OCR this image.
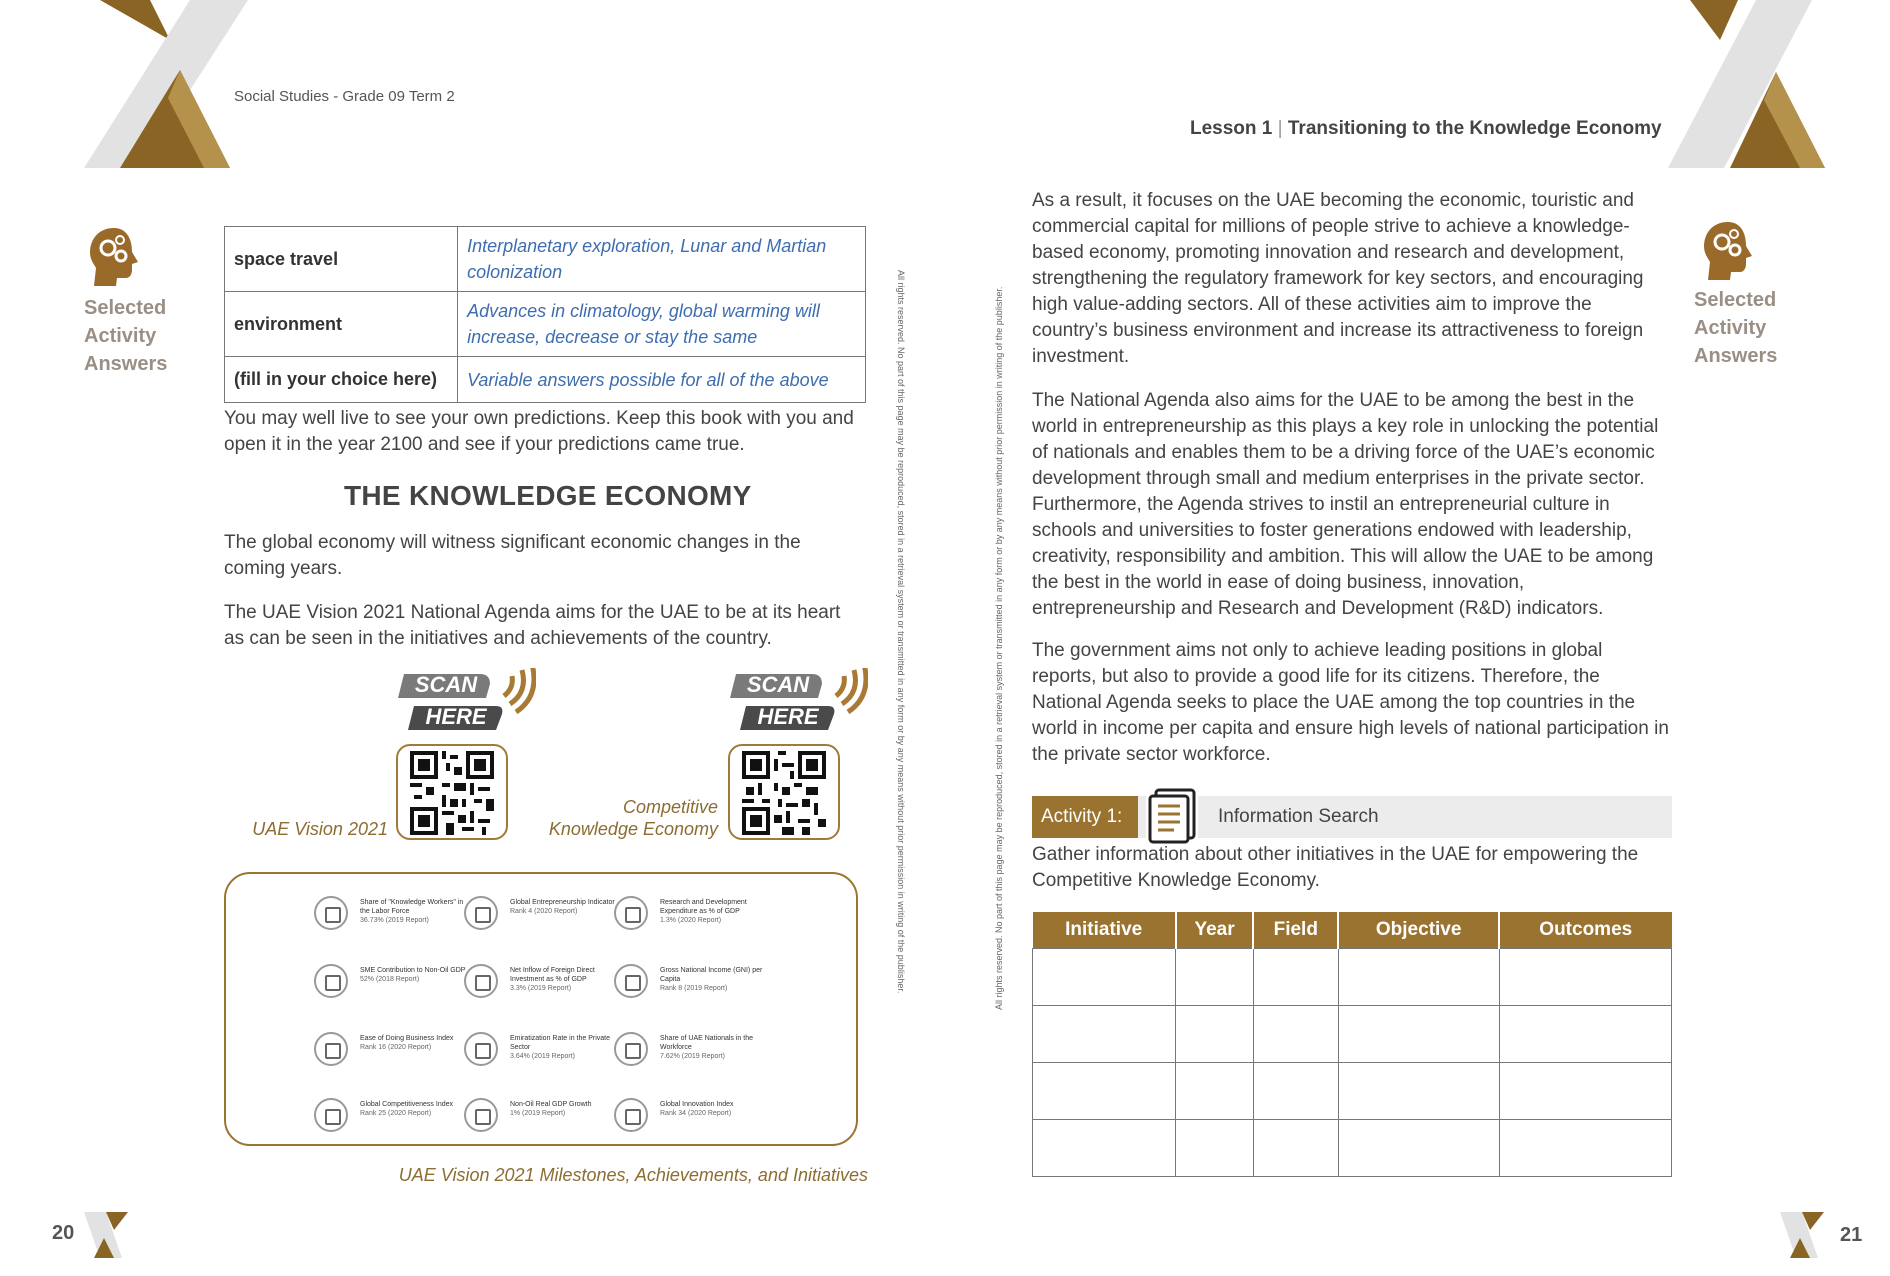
Social Studies - Grade 09 Term 2
Lesson 1 | Transitioning to the Knowledge Economy
Selected
Activity
Answers
Selected
Activity
Answers
space travel	Interplanetary exploration, Lunar and Martian colonization
environment	Advances in climatology, global warming will increase, decrease or stay the same
(fill in your choice here)	Variable answers possible for all of the above
You may well live to see your own predictions. Keep this book with you and open it in the year 2100 and see if your predictions came true.
THE KNOWLEDGE ECONOMY
The global economy will witness significant economic changes in the coming years.
The UAE Vision 2021 National Agenda aims for the UAE to be at its heart as can be seen in the initiatives and achievements of the country.
SCAN
HERE
UAE Vision 2021
SCAN
HERE
Competitive
Knowledge Economy
Share of "Knowledge Workers" in the Labor Force
36.73% (2019 Report)
Global Entrepreneurship Indicator
Rank 4 (2020 Report)
Research and Development Expenditure as % of GDP
1.3% (2020 Report)
SME Contribution to Non-Oil GDP
52% (2018 Report)
Net Inflow of Foreign Direct Investment as % of GDP
3.3% (2019 Report)
Gross National Income (GNI) per Capita
Rank 8 (2019 Report)
Ease of Doing Business Index
Rank 16 (2020 Report)
Emiratization Rate in the Private Sector
3.64% (2019 Report)
Share of UAE Nationals in the Workforce
7.62% (2019 Report)
Global Competitiveness Index
Rank 25 (2020 Report)
Non-Oil Real GDP Growth
1% (2019 Report)
Global Innovation Index
Rank 34 (2020 Report)
UAE Vision 2021 Milestones, Achievements, and Initiatives
All rights reserved. No part of this page may be reproduced, stored in a retrieval system or transmitted in any form or by any means without prior permission in writing of the publisher.	All rights reserved. No part of this page may be reproduced, stored in a retrieval system or transmitted in any form or by any means without prior permission in writing of the publisher.
As a result, it focuses on the UAE becoming the economic, touristic and commercial capital for millions of people strive to achieve a knowledge-based economy, promoting innovation and research and development, strengthening the regulatory framework for key sectors, and encouraging high value-adding sectors. All of these activities aim to improve the country’s business environment and increase its attractiveness to foreign investment.
The National Agenda also aims for the UAE to be among the best in the world in entrepreneurship as this plays a key role in unlocking the potential of nationals and enables them to be a driving force of the UAE’s economic development through small and medium enterprises in the private sector. Furthermore, the Agenda strives to instil an entrepreneurial culture in schools and universities to foster generations endowed with leadership, creativity, responsibility and ambition. This will allow the UAE to be among the best in the world in ease of doing business, innovation, entrepreneurship and Research and Development (R&D) indicators.
The government aims not only to achieve leading positions in global reports, but also to provide a good life for its citizens. Therefore, the National Agenda seeks to place the UAE among the top countries in the world in income per capita and ensure high levels of national participation in the private sector workforce.
Activity 1:	Information Search
Gather information about other initiatives in the UAE for empowering the Competitive Knowledge Economy.
Initiative	Year	Field	Objective	Outcomes

20	21
